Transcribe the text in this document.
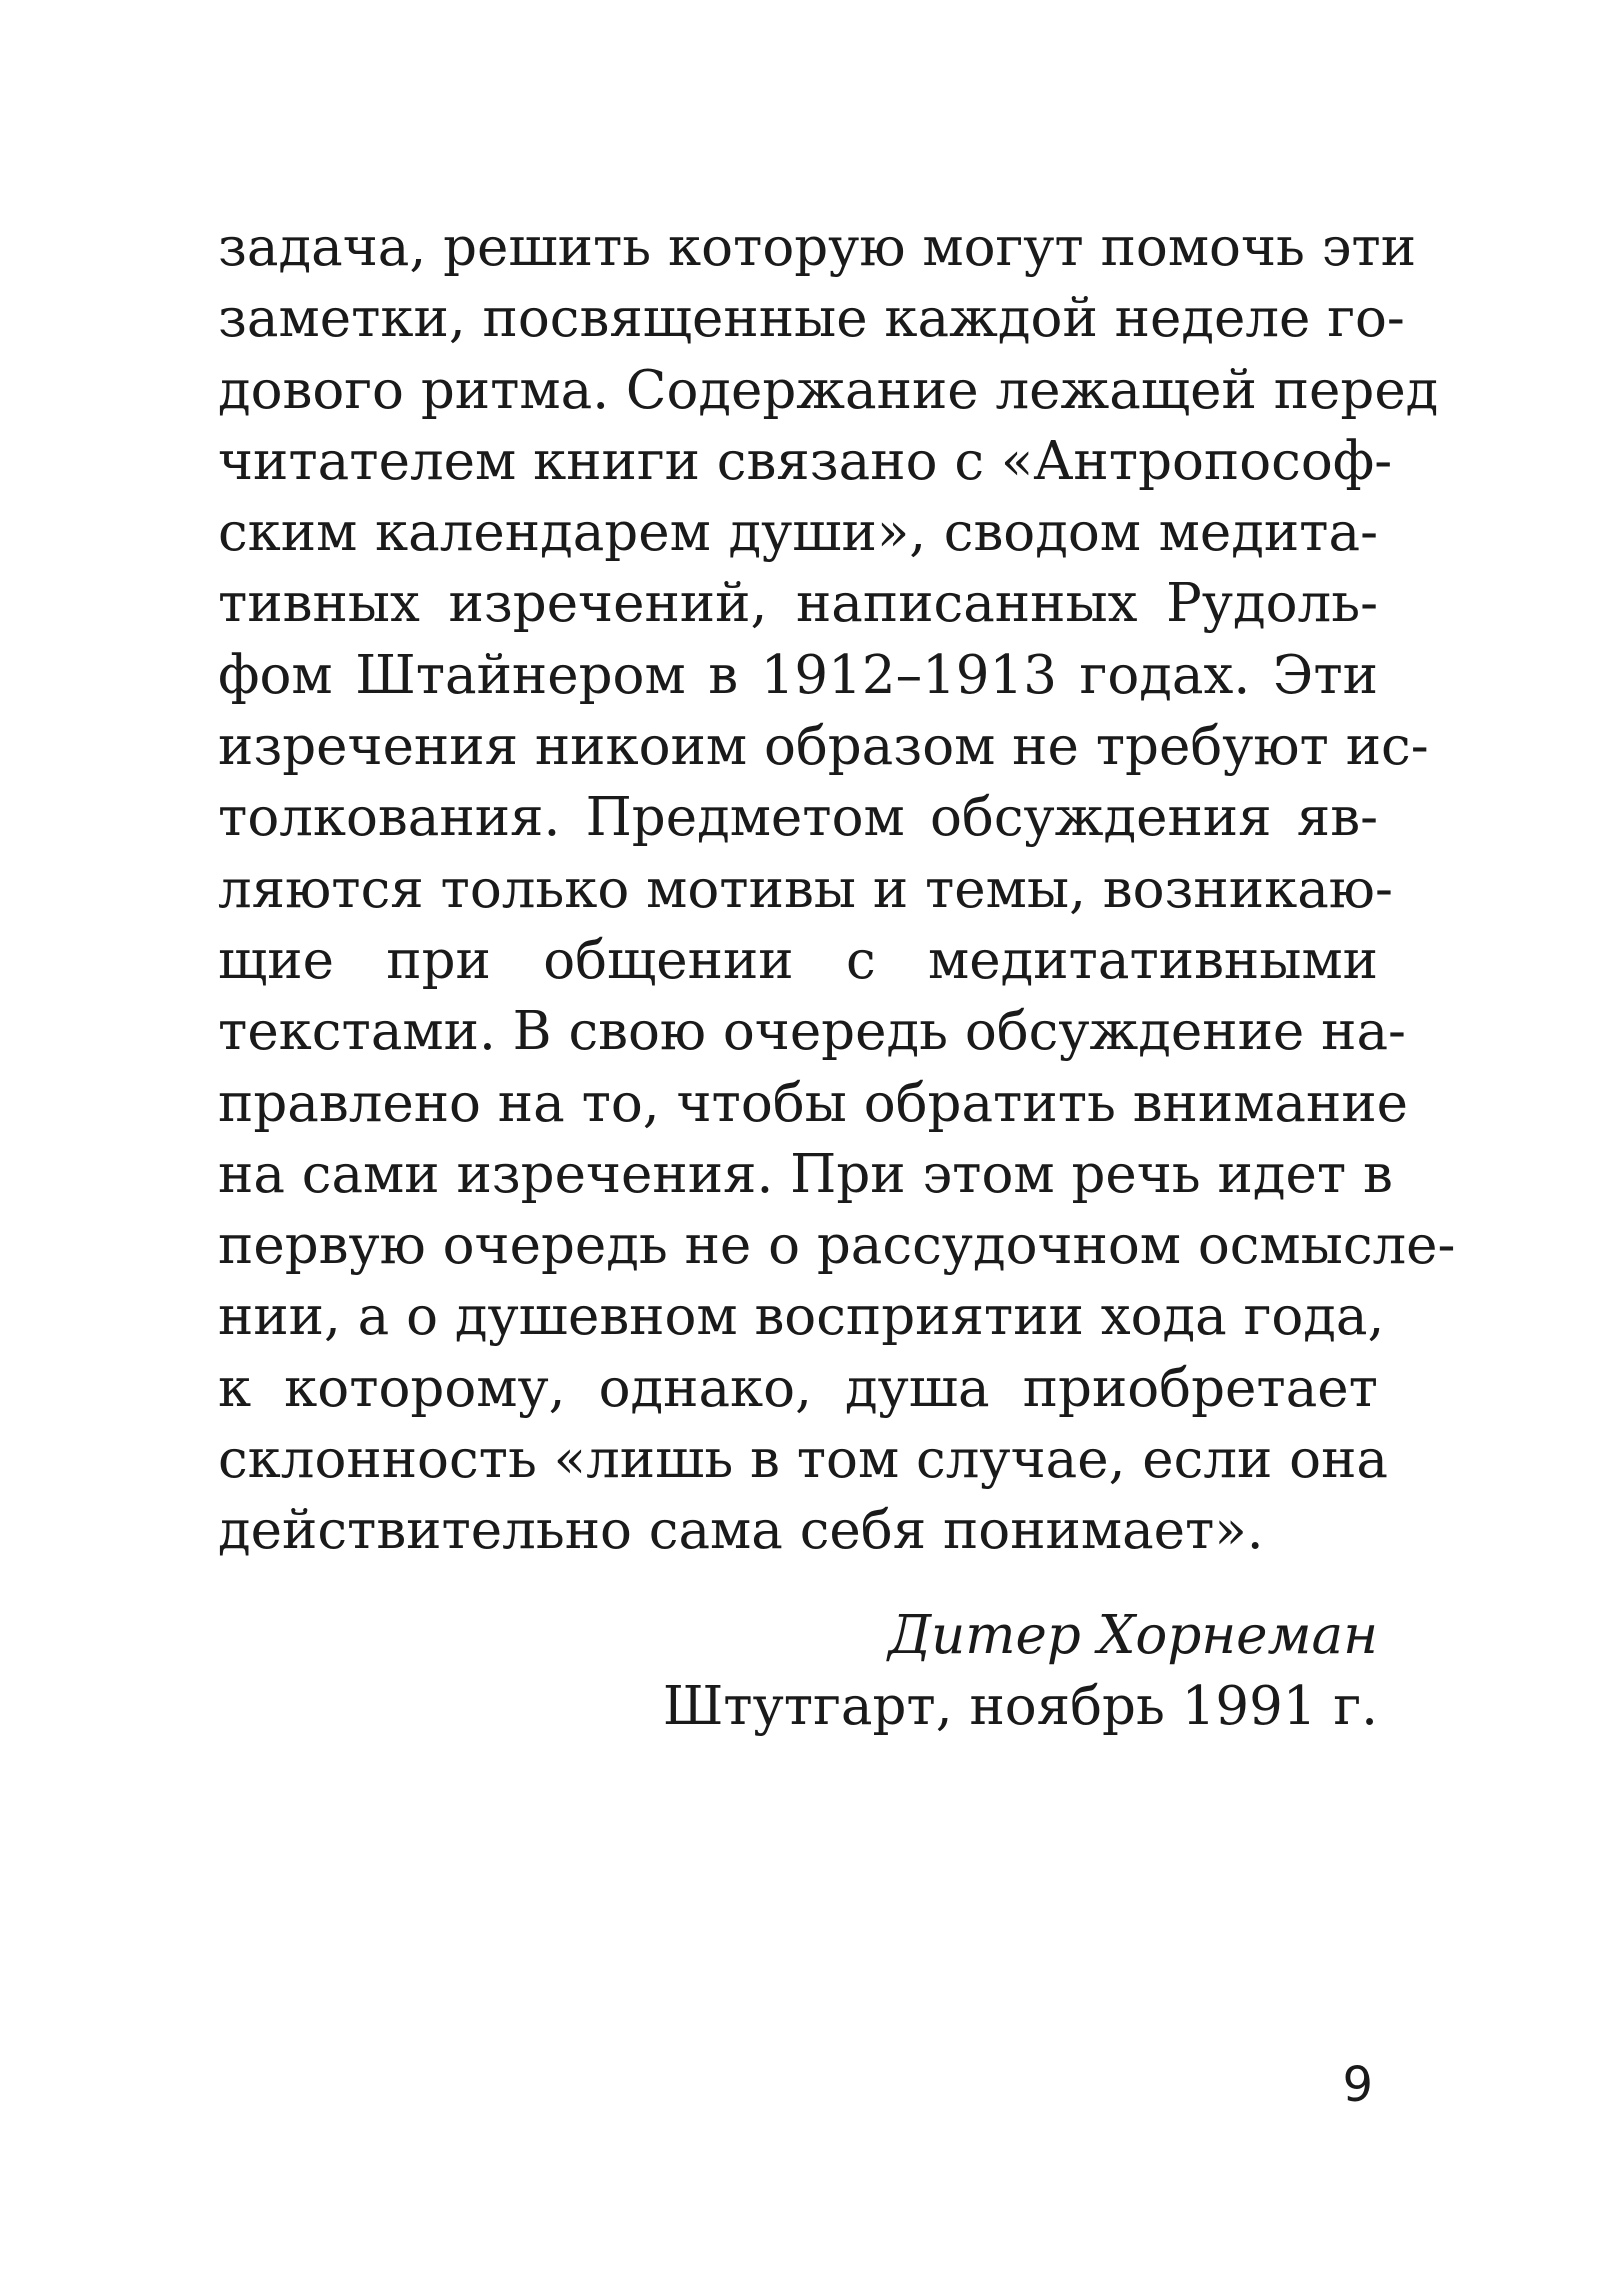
задача, решить которую могут помочь эти
заметки, посвященные каждой неделе го-
дового ритма. Содержание лежащей перед
читателем книги связано с «Антропософ-
ским календарем души», сводом медита-
тивных изречений, написанных Рудоль-
фом Штайнером в 1912–1913 годах. Эти
изречения никоим образом не требуют ис-
толкования. Предметом обсуждения яв-
ляются только мотивы и темы, возникаю-
щие при общении с медитативными
текстами. В свою очередь обсуждение на-
правлено на то, чтобы обратить внимание
на сами изречения. При этом речь идет в
первую очередь не о рассудочном осмысле-
нии, а о душевном восприятии хода года,
к которому, однако, душа приобретает
склонность «лишь в том случае, если она
действительно сама себя понимает».
Дитер Хорнеман
Штутгарт, ноябрь 1991 г.
9
